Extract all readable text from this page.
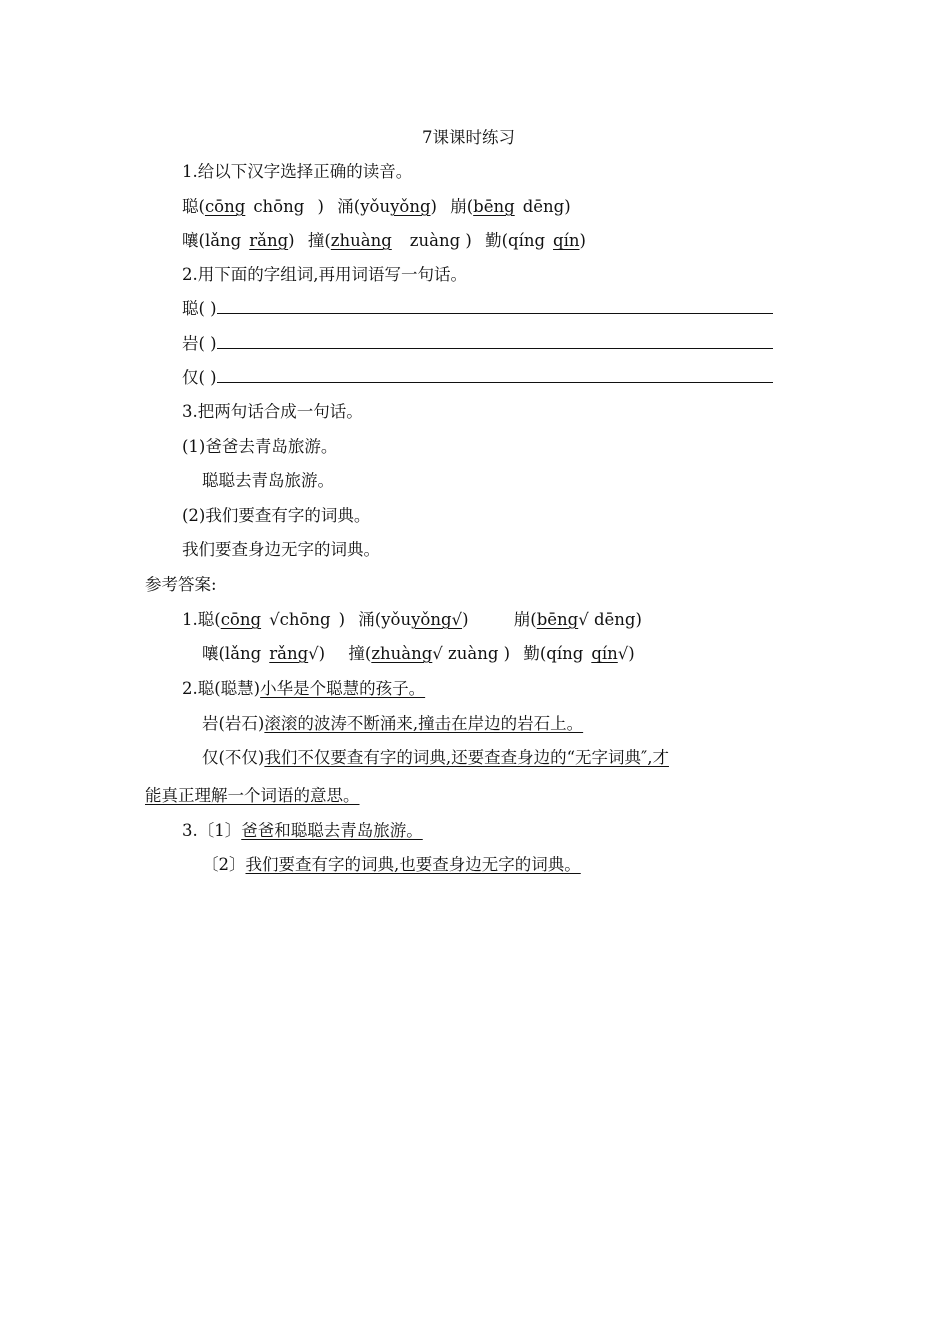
7课课时练习
1.给以下汉字选择正确的读音。
聪(cōng chōng ) 涌(yǒuyǒng) 崩(bēng dēng)
嚷(lǎng rǎng) 撞(zhuàng zuàng ) 勤(qíng qín)
2.用下面的字组词,再用词语写一句话。
聪( )
岩( )
仅( )
3.把两句话合成一句话。
(1)爸爸去青岛旅游。
聪聪去青岛旅游。
(2)我们要查有字的词典。
我们要查身边无字的词典。
参考答案:
1.聪(cōng √chōng ) 涌(yǒuyǒng√)	崩(bēng√ dēng)
嚷(lǎng rǎng√) 撞(zhuàng√ zuàng ) 勤(qíng qín√)
2.聪(聪慧)小华是个聪慧的孩子。
岩(岩石)滚滚的波涛不断涌来,撞击在岸边的岩石上。
仅(不仅)我们不仅要查有字的词典,还要查查身边的“无字词典″,才
能真正理解一个词语的意思。
3.〔1〕爸爸和聪聪去青岛旅游。
〔2〕我们要查有字的词典,也要查身边无字的词典。
